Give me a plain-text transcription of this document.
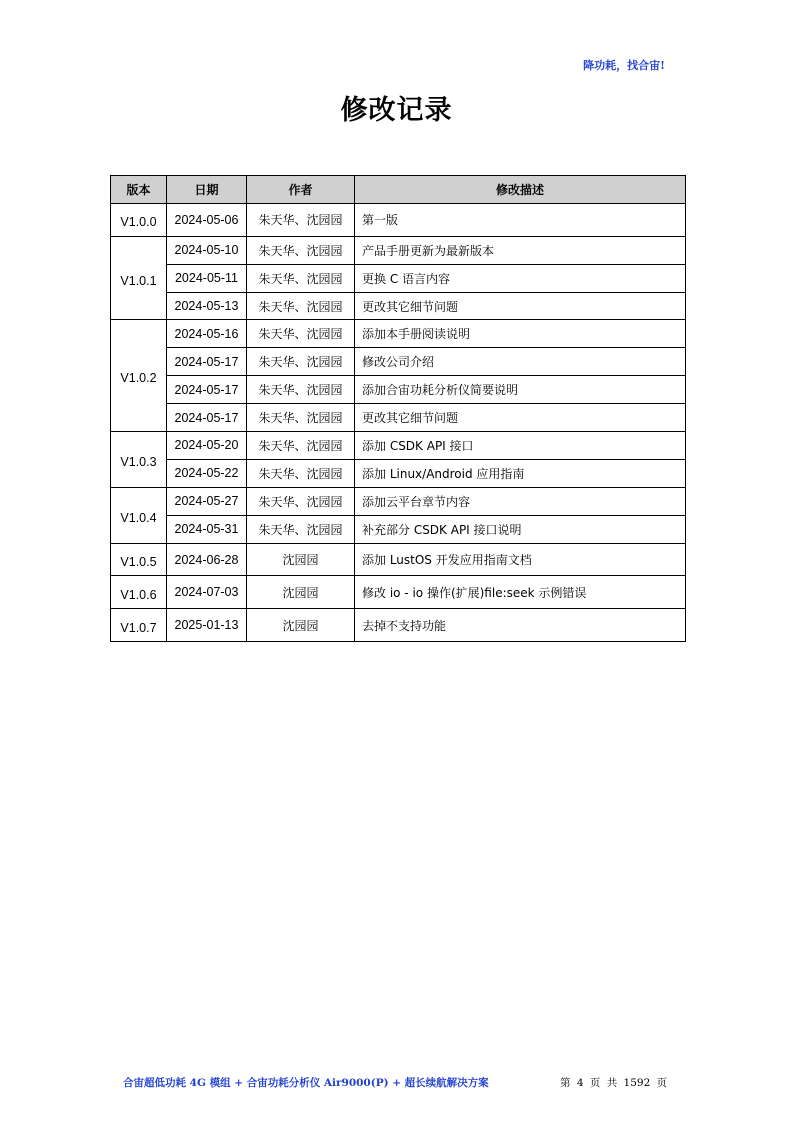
降功耗，找合宙!
修改记录
版本	日期	作者	修改描述
V1.0.0	2024-05-06	朱天华、沈园园	第一版
V1.0.1	2024-05-10	朱天华、沈园园	产品手册更新为最新版本
	2024-05-11	朱天华、沈园园	更换 C 语言内容
	2024-05-13	朱天华、沈园园	更改其它细节问题
V1.0.2	2024-05-16	朱天华、沈园园	添加本手册阅读说明
	2024-05-17	朱天华、沈园园	修改公司介绍
	2024-05-17	朱天华、沈园园	添加合宙功耗分析仪简要说明
	2024-05-17	朱天华、沈园园	更改其它细节问题
V1.0.3	2024-05-20	朱天华、沈园园	添加 CSDK API 接口
	2024-05-22	朱天华、沈园园	添加 Linux/Android 应用指南
V1.0.4	2024-05-27	朱天华、沈园园	添加云平台章节内容
	2024-05-31	朱天华、沈园园	补充部分 CSDK API 接口说明
V1.0.5	2024-06-28	沈园园	添加 LustOS 开发应用指南文档
V1.0.6	2024-07-03	沈园园	修改 io - io 操作(扩展)file:seek 示例错误
V1.0.7	2025-01-13	沈园园	去掉不支持功能
合宙超低功耗 4G 模组 + 合宙功耗分析仪 Air9000(P) + 超长续航解决方案	第 4 页 共 1592 页
